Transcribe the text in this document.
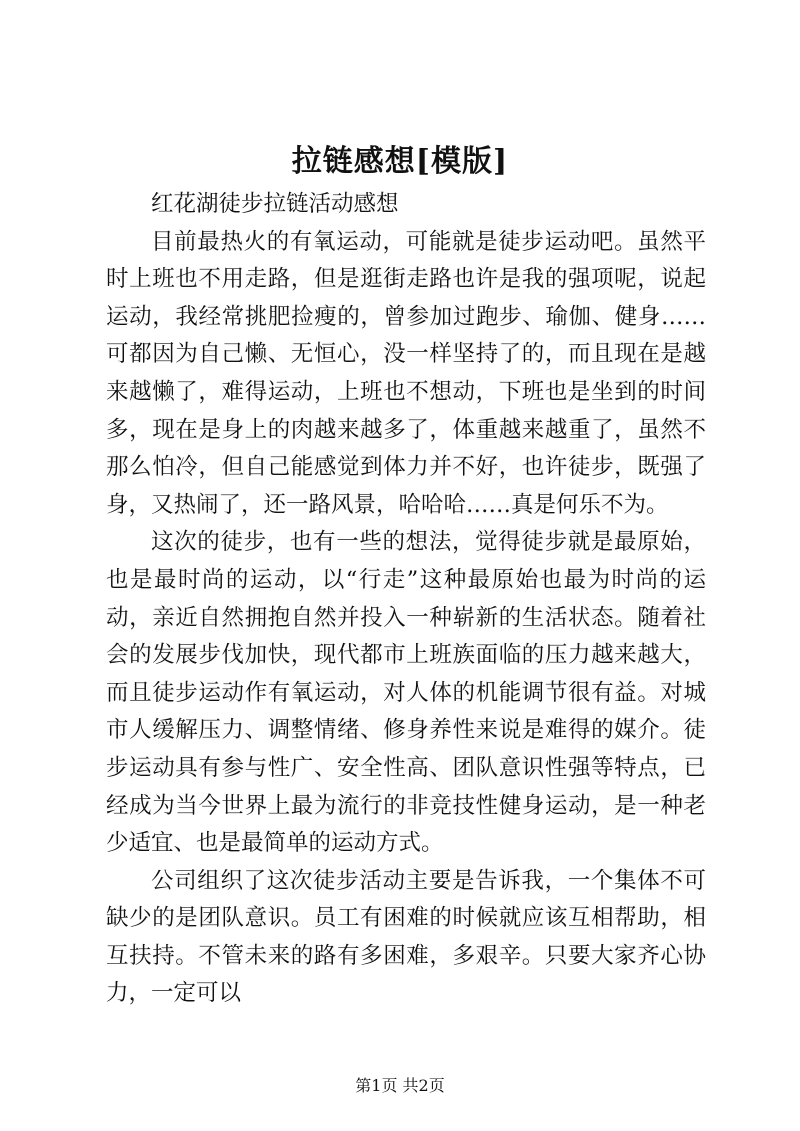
拉链感想[模版]

红花湖徒步拉链活动感想

目前最热火的有氧运动，可能就是徒步运动吧。虽然平时上班也不用走路，但是逛街走路也许是我的强项呢，说起运动，我经常挑肥捡瘦的，曾参加过跑步、瑜伽、健身……可都因为自己懒、无恒心，没一样坚持了的，而且现在是越来越懒了，难得运动，上班也不想动，下班也是坐到的时间多，现在是身上的肉越来越多了，体重越来越重了，虽然不那么怕冷，但自己能感觉到体力并不好，也许徒步，既强了身，又热闹了，还一路风景，哈哈哈……真是何乐不为。

这次的徒步，也有一些的想法，觉得徒步就是最原始，也是最时尚的运动，以“行走”这种最原始也最为时尚的运动，亲近自然拥抱自然并投入一种崭新的生活状态。随着社会的发展步伐加快，现代都市上班族面临的压力越来越大，而且徒步运动作有氧运动，对人体的机能调节很有益。对城市人缓解压力、调整情绪、修身养性来说是难得的媒介。徒步运动具有参与性广、安全性高、团队意识性强等特点，已经成为当今世界上最为流行的非竞技性健身运动，是一种老少适宜、也是最简单的运动方式。

公司组织了这次徒步活动主要是告诉我，一个集体不可缺少的是团队意识。员工有困难的时候就应该互相帮助，相互扶持。不管未来的路有多困难，多艰辛。只要大家齐心协力，一定可以

第1页 共2页
